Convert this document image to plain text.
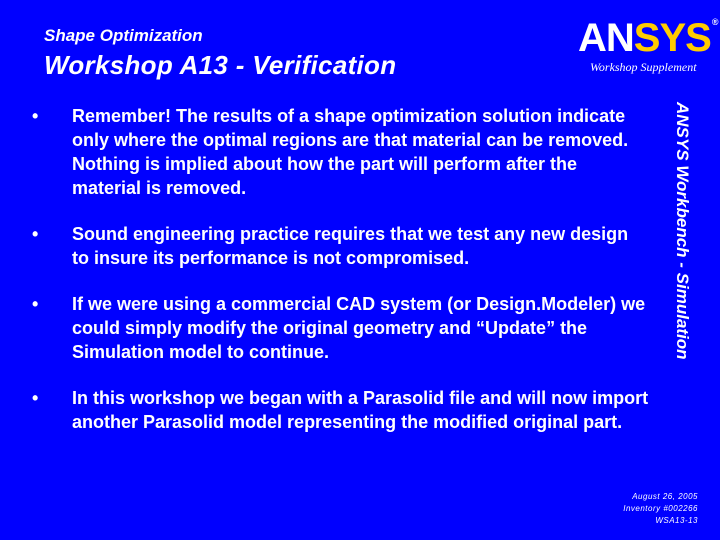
Shape Optimization
Workshop A13 - Verification
ANSYS®
Workshop Supplement
•	Remember! The results of a shape optimization solution indicate only where the optimal regions are that material can be removed. Nothing is implied about how the part will perform after the material is removed.
•	Sound engineering practice requires that we test any new design to insure its performance is not compromised.
•	If we were using a commercial CAD system (or Design.Modeler) we could simply modify the original geometry and “Update” the Simulation model to continue.
•	In this workshop we began with a Parasolid file and will now import another Parasolid model representing the modified original part.
ANSYS Workbench - Simulation
August 26, 2005
Inventory #002266
WSA13-13
